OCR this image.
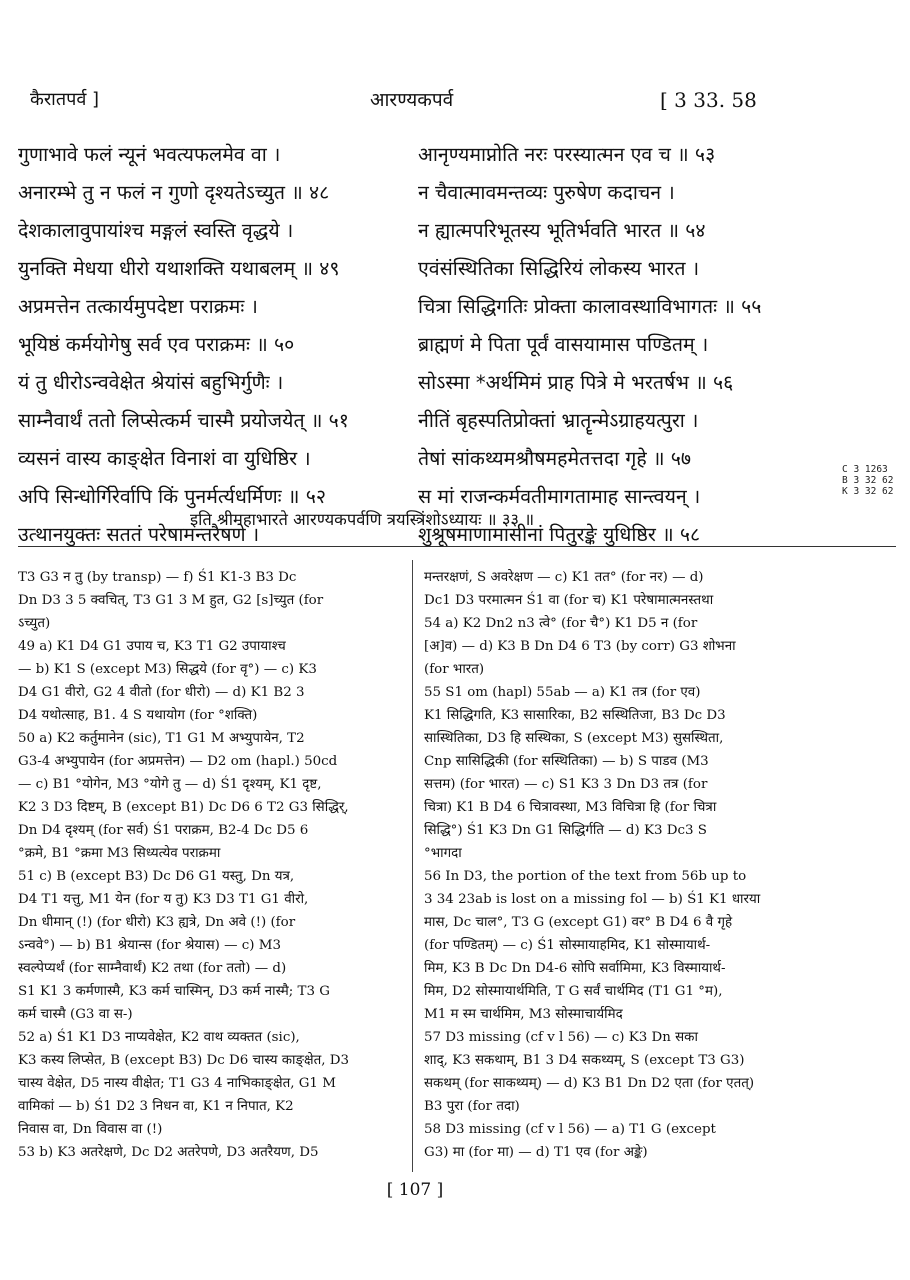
कैरातपर्व ]	आरण्यकपर्व	[ 3 33. 58
गुणाभावे फलं न्यूनं भवत्यफलमेव वा ।
अनारम्भे तु न फलं न गुणो दृश्यतेऽच्युत ॥ ४८
देशकालावुपायांश्च मङ्गलं स्वस्ति वृद्धये ।
युनक्ति मेधया धीरो यथाशक्ति यथाबलम् ॥ ४९
अप्रमत्तेन तत्कार्यमुपदेष्टा पराक्रमः ।
भूयिष्ठं कर्मयोगेषु सर्व एव पराक्रमः ॥ ५०
यं तु धीरोऽन्ववेक्षेत श्रेयांसं बहुभिर्गुणैः ।
साम्नैवार्थं ततो लिप्सेत्कर्म चास्मै प्रयोजयेत् ॥ ५१
व्यसनं वास्य काङ्क्षेत विनाशं वा युधिष्ठिर ।
अपि सिन्धोर्गिरेर्वापि किं पुनर्मर्त्यधर्मिणः ॥ ५२
उत्थानयुक्तः सततं परेषामन्तरैषणे ।
आनृण्यमाप्नोति नरः परस्यात्मन एव च ॥ ५३
न चैवात्मावमन्तव्यः पुरुषेण कदाचन ।
न ह्यात्मपरिभूतस्य भूतिर्भवति भारत ॥ ५४
एवंसंस्थितिका सिद्धिरियं लोकस्य भारत ।
चित्रा सिद्धिगतिः प्रोक्ता कालावस्थाविभागतः ॥ ५५
ब्राह्मणं मे पिता पूर्वं वासयामास पण्डितम् ।
सोऽस्मा *अर्थमिमं प्राह पित्रे मे भरतर्षभ ॥ ५६
नीतिं बृहस्पतिप्रोक्तां भ्रातॄन्मेऽग्राहयत्पुरा ।
तेषां सांकथ्यमश्रौषमहमेतत्तदा गृहे ॥ ५७
स मां राजन्कर्मवतीमागतामाह सान्त्वयन् ।
शुश्रूषमाणामासीनां पितुरङ्के युधिष्ठिर ॥ ५८
C 3 1263
B 3 32 62
K 3 32 62
इति श्रीमहाभारते आरण्यकपर्वणि त्रयस्त्रिंशोऽध्यायः ॥ ३३ ॥
T3 G3 न तु (by transp) — f) Ś1 K1-3 B3 Dc
Dn D3 3 5 क्वचित्, T3 G1 3 M हुत, G2 [s]च्युत (for
ऽच्युत)
49 a) K1 D4 G1 उपाय च, K3 T1 G2 उपायाश्च
— b) K1 S (except M3) सिद्धये (for वृ°) — c) K3
D4 G1 वीरो, G2 4 वीतो (for धीरो) — d) K1 B2 3
D4 यथोत्साह, B1. 4 S यथायोग (for °शक्ति)
50 a) K2 कर्तुमानेन (sic), T1 G1 M अभ्युपायेन, T2
G3-4 अभ्युपायेन (for अप्रमत्तेन) — D2 om (hapl.) 50cd
— c) B1 °योगेन, M3 °योगे तु — d) Ś1 दृश्यम्, K1 दृष्ट,
K2 3 D3 दिष्टम्, B (except B1) Dc D6 6 T2 G3 सिद्धिर्,
Dn D4 दृश्यम् (for सर्व) Ś1 पराक्रम, B2-4 Dc D5 6
°क्रमे, B1 °क्रमा M3 सिध्यत्येव पराक्रमा
51 c) B (except B3) Dc D6 G1 यस्तु, Dn यत्र,
D4 T1 यत्तु, M1 येन (for य तु) K3 D3 T1 G1 वीरो,
Dn धीमान् (!) (for धीरो) K3 ह्यत्रे, Dn अवे (!) (for
ऽन्ववे°) — b) B1 श्रेयान्स (for श्रेयास) — c) M3
स्वल्पेप्यर्थं (for साम्नैवार्थं) K2 तथा (for ततो) — d)
S1 K1 3 कर्मणास्मै, K3 कर्म चास्मिन्, D3 कर्म नास्मै; T3 G
कर्म चास्मै (G3 वा स-)
52 a) Ś1 K1 D3 नाप्यवेक्षेत, K2 वाथ व्यक्तत (sic),
K3 कस्य लिप्सेत, B (except B3) Dc D6 चास्य काङ्क्षेत, D3
चास्य वेक्षेत, D5 नास्य वीक्षेत; T1 G3 4 नाभिकाङ्क्षेत, G1 M
वामिकां — b) Ś1 D2 3 निधन वा, K1 न निपात, K2
निवास वा, Dn विवास वा (!)
53 b) K3 अतरेक्षणे, Dc D2 अतरेपणे, D3 अतरैयण, D5
मन्तरक्षणं, S अवरेक्षण — c) K1 तत° (for नर) — d)
Dc1 D3 परमात्मन Ś1 वा (for च) K1 परेषामात्मनस्तथा
54 a) K2 Dn2 n3 त्वे° (for चै°) K1 D5 न (for
[अ]व) — d) K3 B Dn D4 6 T3 (by corr) G3 शोभना
(for भारत)
55 S1 om (hapl) 55ab — a) K1 तत्र (for एव)
K1 सिद्धिगति, K3 सासारिका, B2 सस्थितिजा, B3 Dc D3
सास्थितिका, D3 हि सस्थिका, S (except M3) सुसस्थिता,
Cnp सासिद्धिकी (for सस्थितिका) — b) S पाडव (M3
सत्तम) (for भारत) — c) S1 K3 3 Dn D3 तत्र (for
चित्रा) K1 B D4 6 चित्रावस्था, M3 विचित्रा हि (for चित्रा
सिद्धि°) Ś1 K3 Dn G1 सिद्धिर्गति — d) K3 Dc3 S
°भागदा
56 In D3, the portion of the text from 56b up to
3 34 23ab is lost on a missing fol — b) Ś1 K1 धारया
मास, Dc चाल°, T3 G (except G1) वर° B D4 6 वै गृहे
(for पण्डितम्) — c) Ś1 सोस्मायाहमिद, K1 सोस्मायार्थ-
मिम, K3 B Dc Dn D4-6 सोपि सर्वामिमा, K3 विस्मायार्थ-
मिम, D2 सोस्मायार्थमिति, T G सर्वं चार्थमिद (T1 G1 °म),
M1 म स्म चार्थमिम, M3 सोस्माचार्यमिद
57 D3 missing (cf v l 56) — c) K3 Dn सका
शाद्, K3 सकथाम्, B1 3 D4 सकथ्यम्, S (except T3 G3)
सकथम् (for साकथ्यम्) — d) K3 B1 Dn D2 एता (for एतत्)
B3 पुरा (for तदा)
58 D3 missing (cf v l 56) — a) T1 G (except
G3) मा (for मा) — d) T1 एव (for अङ्के)
[ 107 ]
